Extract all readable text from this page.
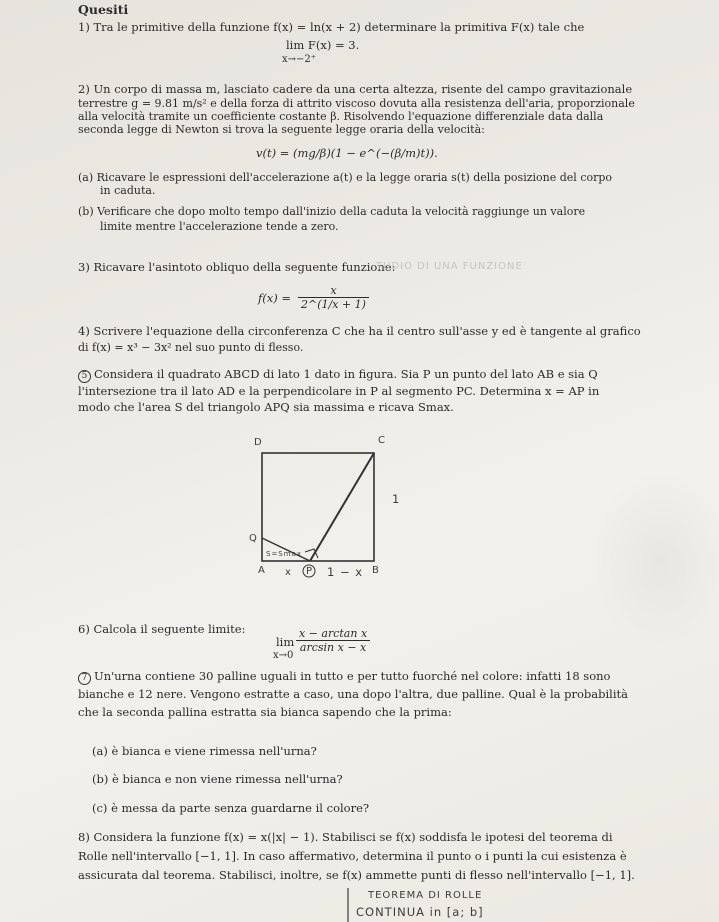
Quesiti
1) Tra le primitive della funzione f(x) = ln(x + 2) determinare la primitiva F(x) tale che
lim F(x) = 3.
x→−2⁺
2) Un corpo di massa m, lasciato cadere da una certa altezza, risente del campo gravitazionale
terrestre g = 9.81 m/s² e della forza di attrito viscoso dovuta alla resistenza dell'aria, proporzionale
alla velocità tramite un coefficiente costante β. Risolvendo l'equazione differenziale data dalla
seconda legge di Newton si trova la seguente legge oraria della velocità:
v(t) = (mg/β)(1 − e^(−(β/m)t)).
(a) Ricavare le espressioni dell'accelerazione a(t) e la legge oraria s(t) della posizione del corpo
in caduta.
(b) Verificare che dopo molto tempo dall'inizio della caduta la velocità raggiunge un valore
limite mentre l'accelerazione tende a zero.
3) Ricavare l'asintoto obliquo della seguente funzione:
TUDIO DI UNA FUNZIONE
$f(x) = \frac{x}{2\^{}(1/x + 1)}$
4) Scrivere l'equazione della circonferenza C che ha il centro sull'asse y ed è tangente al grafico
di f(x) = x³ − 3x² nel suo punto di flesso.
5 Considera il quadrato ABCD di lato 1 dato in figura. Sia P un punto del lato AB e sia Q
l'intersezione tra il lato AD e la perpendicolare in P al segmento PC. Determina x = AP in
modo che l'area S del triangolo APQ sia massima e ricava Smax.
D	C
1
Q
A x P 1 − x B
S=Smax
6) Calcola il seguente limite:
lim
x→0
$\frac{\text{x − arctan x}}{\text{arcsin x − x}}$
7 Un'urna contiene 30 palline uguali in tutto e per tutto fuorché nel colore: infatti 18 sono
bianche e 12 nere. Vengono estratte a caso, una dopo l'altra, due palline. Qual è la probabilità
che la seconda pallina estratta sia bianca sapendo che la prima:
(a) è bianca e viene rimessa nell'urna?
(b) è bianca e non viene rimessa nell'urna?
(c) è messa da parte senza guardarne il colore?
8) Considera la funzione f(x) = x(|x| − 1). Stabilisci se f(x) soddisfa le ipotesi del teorema di
Rolle nell'intervallo [−1, 1]. In caso affermativo, determina il punto o i punti la cui esistenza è
assicurata dal teorema. Stabilisci, inoltre, se f(x) ammette punti di flesso nell'intervallo [−1, 1].
TEOREMA DI ROLLE
CONTINUA in [a; b]
